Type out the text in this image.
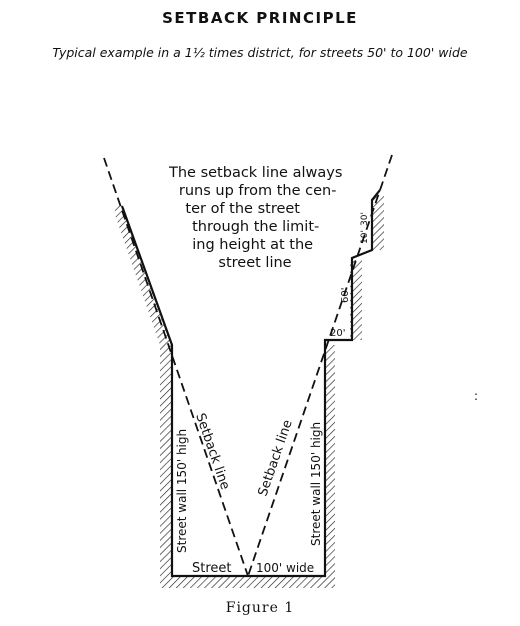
SETBACK PRINCIPLE
Typical example in a 1½ times district, for streets 50' to 100' wide
The setback line always runs up from the cen- ter of the street through the limit- ing height at the street line
20'
60'
10'
30'
Street wall 150' high	Street wall 150' high
Setback line Setback line
Street 100' wide
:
Figure 1
